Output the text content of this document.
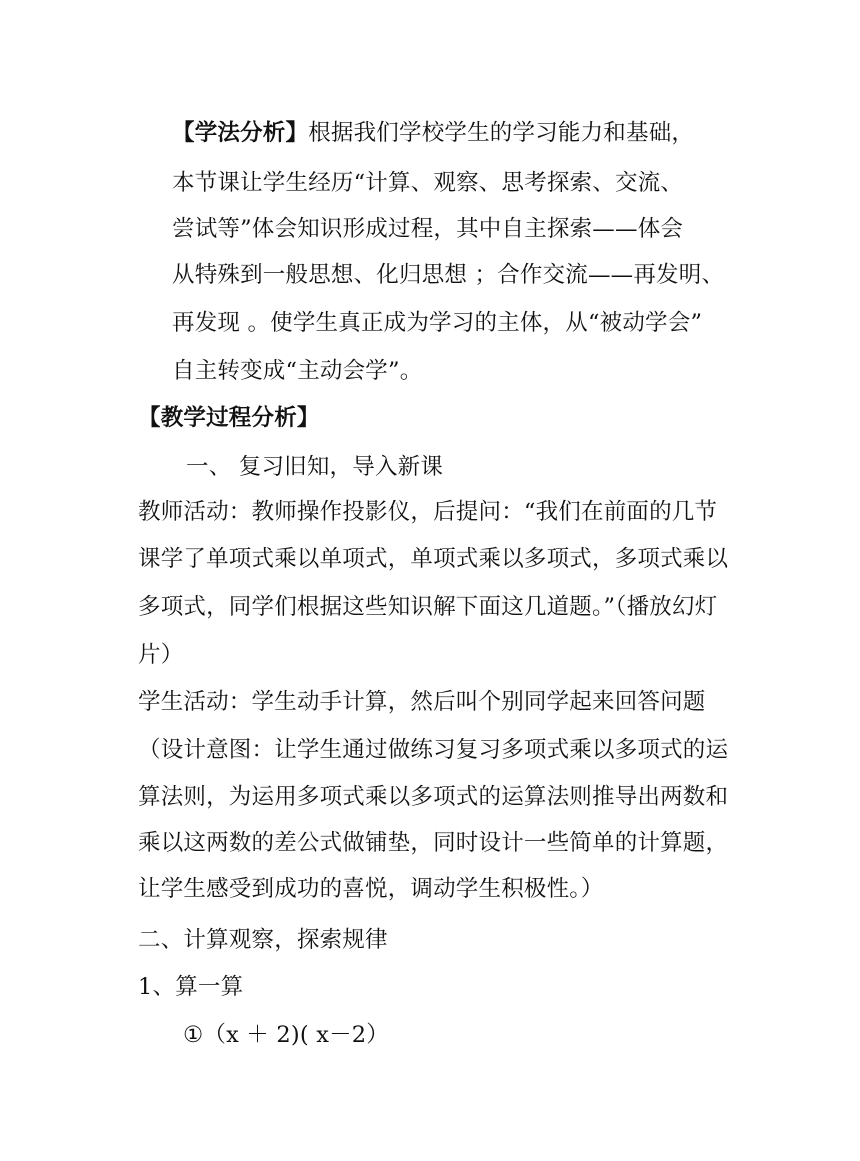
【学法分析】根据我们学校学生的学习能力和基础，
本节课让学生经历“计算、观察、思考探索、交流、
尝试等”体会知识形成过程，其中自主探索——体会
从特殊到一般思想、化归思想 ；合作交流——再发明、
再发现 。使学生真正成为学习的主体，从“被动学会”
自主转变成“主动会学”。
【教学过程分析】
一、 复习旧知，导入新课
教师活动：教师操作投影仪，后提问：“我们在前面的几节
课学了单项式乘以单项式，单项式乘以多项式，多项式乘以
多项式，同学们根据这些知识解下面这几道题。”（播放幻灯
片）
学生活动：学生动手计算，然后叫个别同学起来回答问题
（设计意图：让学生通过做练习复习多项式乘以多项式的运
算法则，为运用多项式乘以多项式的运算法则推导出两数和
乘以这两数的差公式做铺垫，同时设计一些简单的计算题，
让学生感受到成功的喜悦，调动学生积极性。）
二、计算观察，探索规律
1、算一算
①（x ＋ 2)( x－2）
